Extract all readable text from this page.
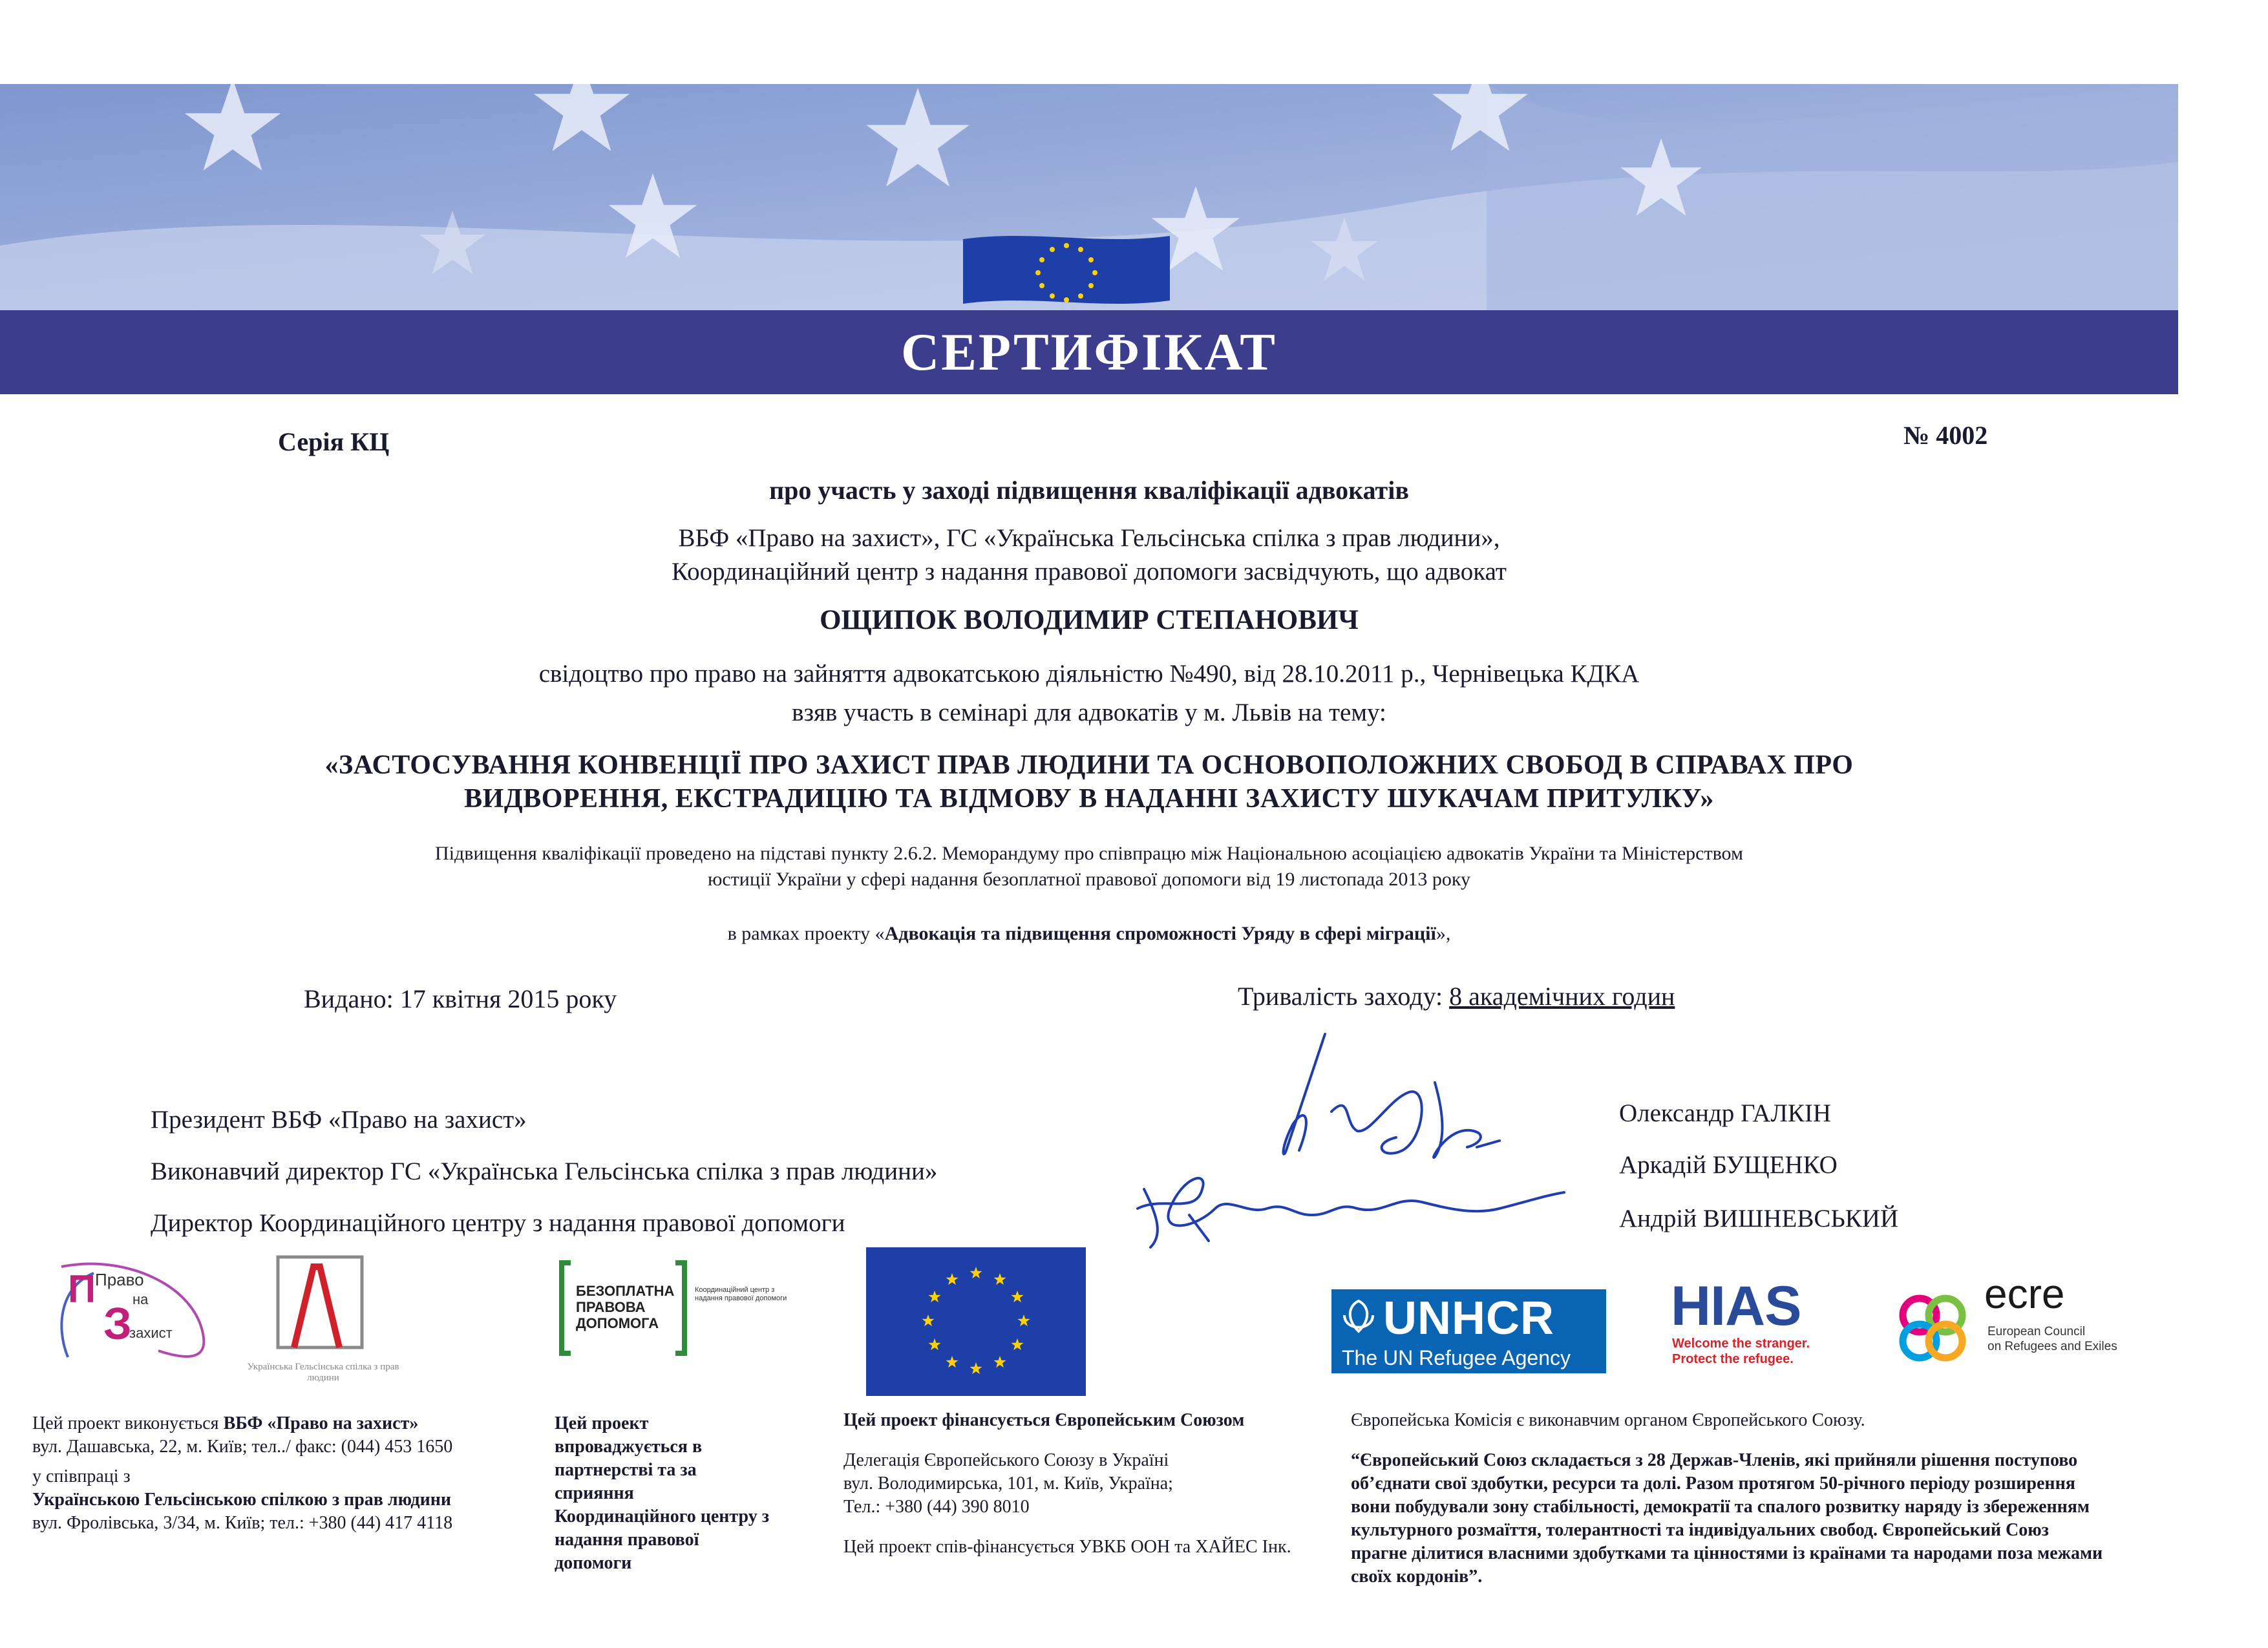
СЕРТИФІКАТ
Серія КЦ	№ 4002
про участь у заході підвищення кваліфікації адвокатів
ВБФ «Право на захист», ГС «Українська Гельсінська спілка з прав людини»,
Координаційний центр з надання правової допомоги засвідчують, що адвокат
ОЩИПОК ВОЛОДИМИР СТЕПАНОВИЧ
свідоцтво про право на зайняття адвокатською діяльністю №490, від 28.10.2011 р., Чернівецька КДКА
взяв участь в семінарі для адвокатів у м. Львів на тему:
«ЗАСТОСУВАННЯ КОНВЕНЦІЇ ПРО ЗАХИСТ ПРАВ ЛЮДИНИ ТА ОСНОВОПОЛОЖНИХ СВОБОД В СПРАВАХ ПРО
ВИДВОРЕННЯ, ЕКСТРАДИЦІЮ ТА ВІДМОВУ В НАДАННІ ЗАХИСТУ ШУКАЧАМ ПРИТУЛКУ»
Підвищення кваліфікації проведено на підставі пункту 2.6.2. Меморандуму про співпрацю між Національною асоціацією адвокатів України та Міністерством
юстиції України у сфері надання безоплатної правової допомоги від 19 листопада 2013 року
в рамках проекту «Адвокація та підвищення спроможності Уряду в сфері міграції»,
Видано: 17 квітня 2015 року	Тривалість заходу: 8 академічних годин
Президент ВБФ «Право на захист»
Виконавчий директор ГС «Українська Гельсінська спілка з прав людини»
Директор Координаційного центру з надання правової допомоги
Олександр ГАЛКІН
Аркадій БУЩЕНКО
Андрій ВИШНЕВСЬКИЙ
П
Право
на
З
захист
Українська Гельсінська спілка з прав людини
БЕЗОПЛАТНА
ПРАВОВА
ДОПОМОГА
Координаційний центр з надання правової допомоги	UNHCR
The UN Refugee Agency
HIAS
Welcome the stranger.
Protect the refugee.
ecre
European Council
on Refugees and Exiles
Цей проект виконується ВБФ «Право на захист»
вул. Дашавська, 22, м. Київ; тел../ факс: (044) 453 1650
у співпраці з
Українською Гельсінською спілкою з прав людини
вул. Фролівська, 3/34, м. Київ; тел.: +380 (44) 417 4118
Цей проект
впроваджується в
партнерстві та за
сприяння
Координаційного центру з
надання правової
допомоги
Цей проект фінансується Європейським Союзом
Делегація Європейського Союзу в Україні
вул. Володимирська, 101, м. Київ, Україна;
Тел.: +380 (44) 390 8010
Цей проект спів-фінансується УВКБ ООН та ХАЙЕС Інк.
Європейська Комісія є виконавчим органом Європейського Союзу.
“Європейський Союз складається з 28 Держав-Членів, які прийняли рішення поступово
об’єднати свої здобутки, ресурси та долі. Разом протягом 50-річного періоду розширення
вони побудували зону стабільності, демократії та спалого розвитку наряду із збереженням
культурного розмаїття, толерантності та індивідуальних свобод. Європейський Союз
прагне ділитися власними здобутками та цінностями із країнами та народами поза межами
своїх кордонів”.
